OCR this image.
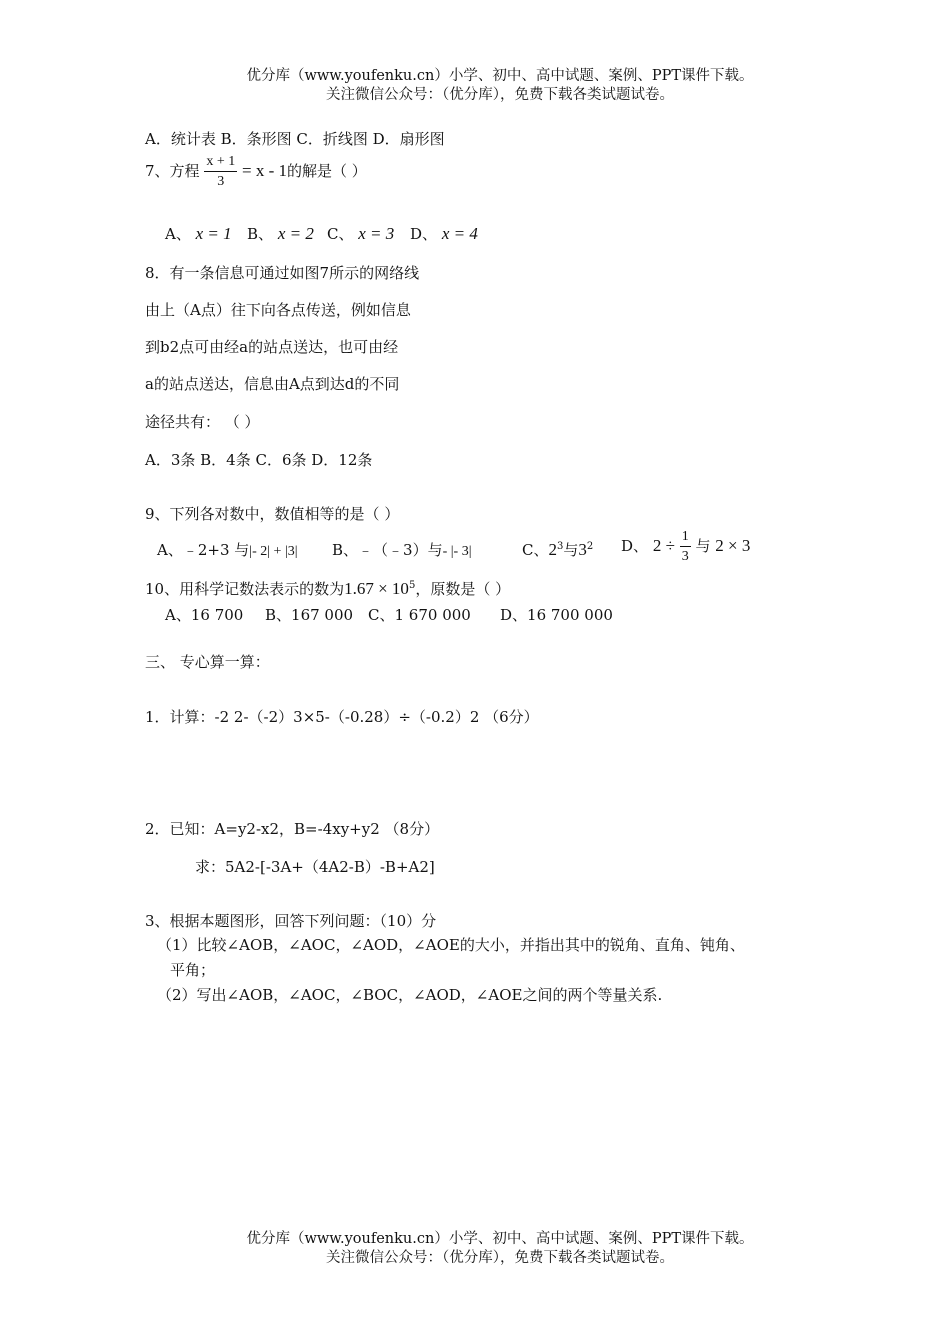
优分库（www.youfenku.cn）小学、初中、高中试题、案例、PPT课件下载。
关注微信公众号：（优分库），免费下载各类试题试卷。
A．统计表 B．条形图 C．折线图 D．扇形图
7、方程 $\frac{x + 1}{3} = x - 1$的解是（ ）
A、 x = 1 B、 x = 2 C、 x = 3 D、 x = 4
8．有一条信息可通过如图7所示的网络线
由上（A点）往下向各点传送，例如信息
到b2点可由经a的站点送达，也可由经
a的站点送达，信息由A点到达d的不同
途径共有： （ ）
A．3条 B．4条 C．6条 D．12条
9、下列各对数中，数值相等的是（ ）
A、﹣2+3 与|- 2| + |3| B、﹣（﹣3）与- |- 3|	C、$2^3$与$3^2$ D、 $2 \div \frac{1}{3}$ 与 2 × 3
10、用科学记数法表示的数为$1.67 \times 10^5$，原数是（ ）
A、16 700 B、167 000 C、1 670 000 D、16 700 000
三、 专心算一算：
1．计算：-2 2-（-2）3×5-（-0.28）÷（-0.2）2 （6分）
2．已知：A=y2-x2，B=-4xy+y2 （8分）
求：5A2-[-3A+（4A2-B）-B+A2]
3、根据本题图形，回答下列问题：（10）分
（1）比较∠AOB，∠AOC，∠AOD，∠AOE的大小，并指出其中的锐角、直角、钝角、
平角；
（2）写出∠AOB，∠AOC，∠BOC，∠AOD，∠AOE之间的两个等量关系.
优分库（www.youfenku.cn）小学、初中、高中试题、案例、PPT课件下载。
关注微信公众号：（优分库），免费下载各类试题试卷。
